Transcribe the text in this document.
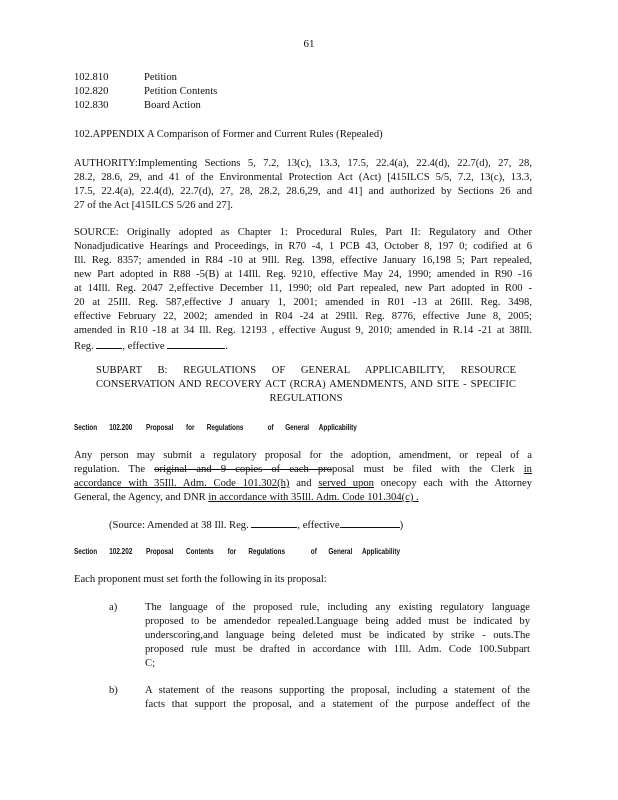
61
102.810	Petition
102.820	Petition Contents
102.830	Board Action
102.APPENDIX A Comparison of Former and Current Rules (Repealed)
AUTHORITY:Implementing Sections 5, 7.2, 13(c), 13.3, 17.5, 22.4(a), 22.4(d), 22.7(d), 27, 28,
28.2, 28.6, 29, and 41 of the Environmental Protection Act (Act) [415ILCS 5/5, 7.2, 13(c), 13.3,
17.5, 22.4(a), 22.4(d), 22.7(d), 27, 28, 28.2, 28.6,29, and 41] and authorized by Sections 26 and
27 of the Act [415ILCS 5/26 and 27].
SOURCE: Originally adopted as Chapter 1: Procedural Rules, Part II: Regulatory and Other
Nonadjudicative Hearings and Proceedings, in R70 -4, 1 PCB 43, October 8, 197 0; codified at 6
Ill. Reg. 8357; amended in R84 -10 at 9Ill. Reg. 1398, effective January 16,198 5; Part repealed,
new Part adopted in R88 -5(B) at 14Ill. Reg. 9210, effective May 24, 1990; amended in R90 -16
at 14Ill. Reg. 2047 2,effective December 11, 1990; old Part repealed, new Part adopted in R00 -
20 at 25Ill. Reg. 587,effective J anuary 1, 2001; amended in R01 -13 at 26Ill. Reg. 3498,
effective February 22, 2002; amended in R04 -24 at 29Ill. Reg. 8776, effective June 8, 2005;
amended in R10 -18 at 34 Ill. Reg. 12193 , effective August 9, 2010; amended in R.14 -21 at 38Ill.
Reg.	, effective	.
SUBPART B: REGULATIONS OF GENERAL APPLICABILITY, RESOURCE
CONSERVATION AND RECOVERY ACT (RCRA) AMENDMENTS, AND SITE - SPECIFIC
REGULATIONS
Section 102.200 Proposal for Regulations	of General Applicability
Any person may submit a regulatory proposal for the adoption, amendment, or repeal of a
regulation. The original and 9 copies of each proposal must be filed with the Clerk in
accordance with 35Ill. Adm. Code 101.302(h) and served upon onecopy each with the Attorney
General, the Agency, and DNR in accordance with 35Ill. Adm. Code 101.304(c) .
(Source: Amended at 38 Ill. Reg.	, effective	)
Section 102.202 Proposal Contents for Regulations	of General Applicability
Each proponent must set forth the following in its proposal:
a)	The language of the proposed rule, including any existing regulatory language
proposed to be amendedor repealed.Language being added must be indicated by
underscoring,and language being deleted must be indicated by strike - outs.The
proposed rule must be drafted in accordance with 1Ill. Adm. Code 100.Subpart
C;
b)	A statement of the reasons supporting the proposal, including a statement of the
facts that support the proposal, and a statement of the purpose andeffect of the
